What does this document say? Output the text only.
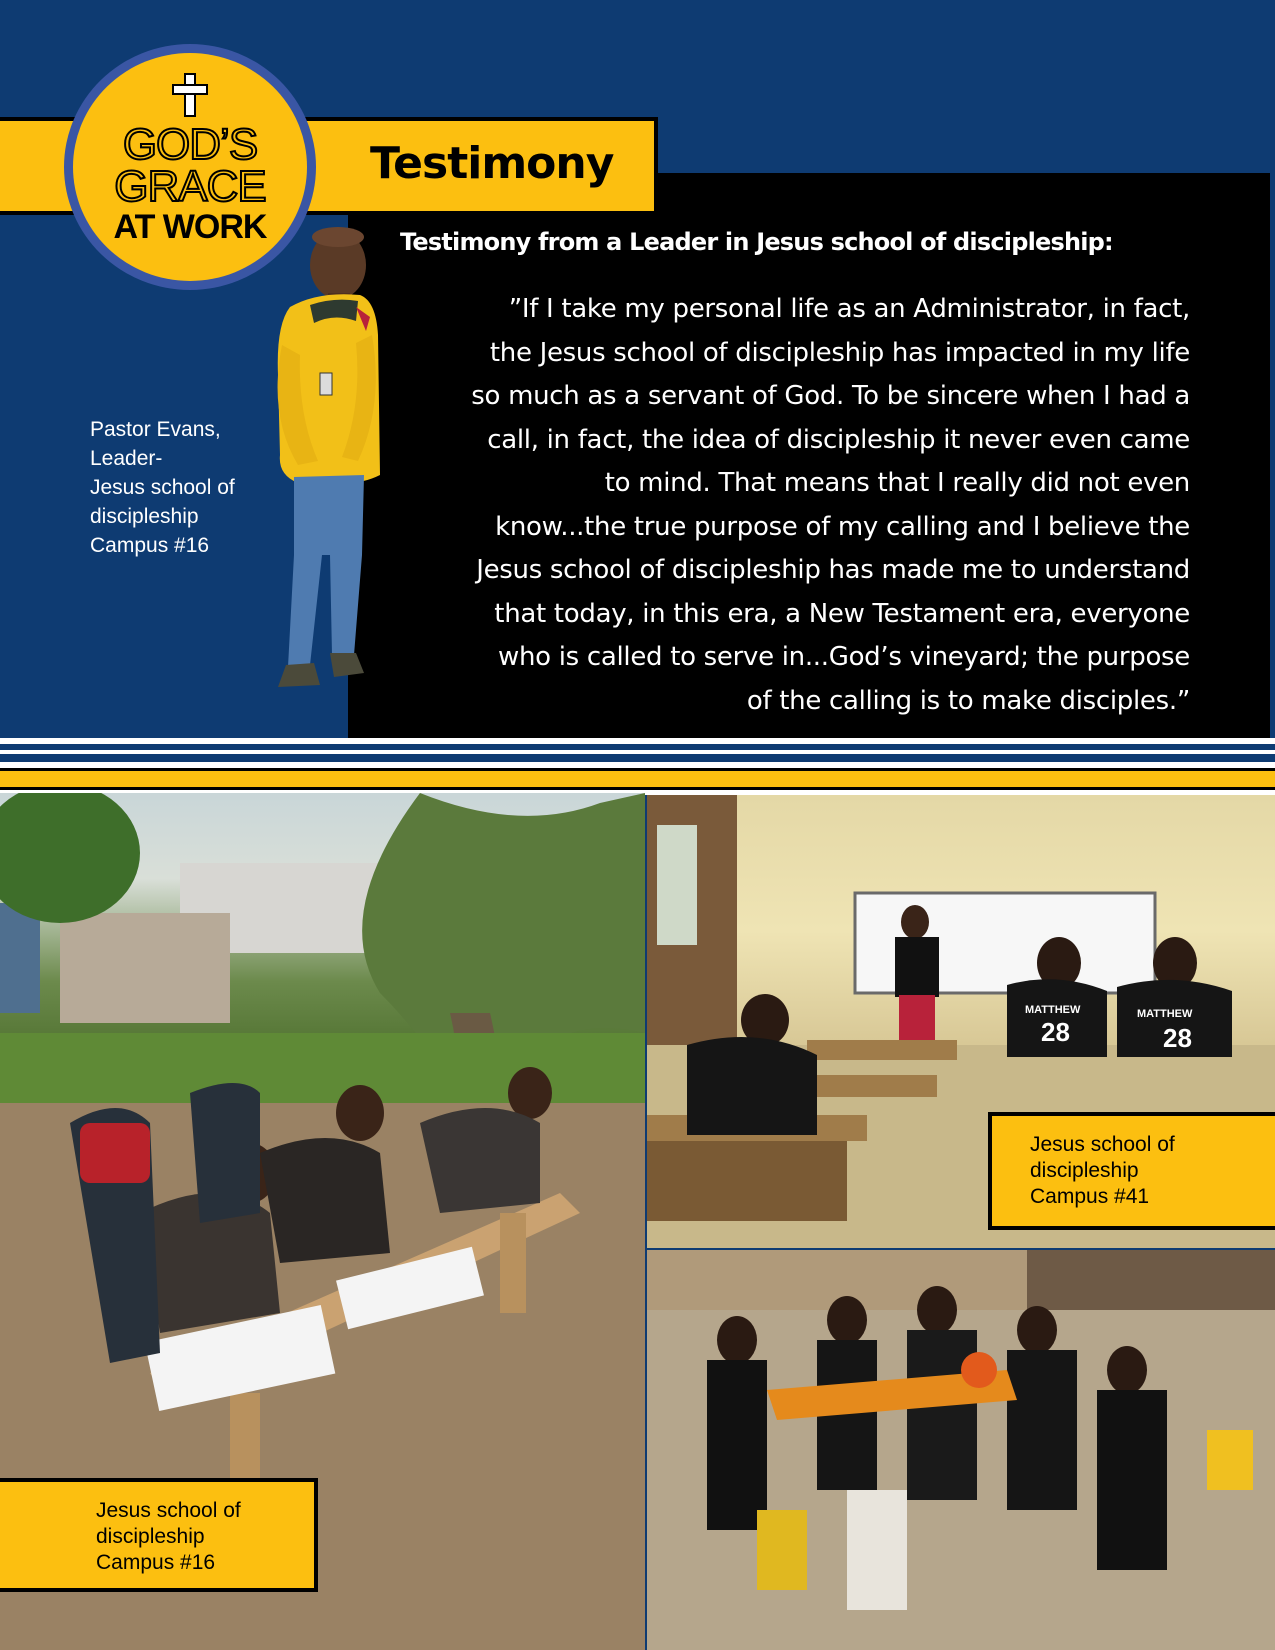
Testimony
GOD’S
GRACE
AT WORK	Testimony from a Leader in Jesus school of discipleship:
”If I take my personal life as an Administrator, in fact,
the Jesus school of discipleship has impacted in my life
so much as a servant of God. To be sincere when I had a
call, in fact, the idea of discipleship it never even came
to mind. That means that I really did not even
know...the true purpose of my calling and I believe the
Jesus school of discipleship has made me to understand
that today, in this era, a New Testament era, everyone
who is called to serve in...God’s vineyard; the purpose
of the calling is to make disciples.”
Pastor Evans,
Leader-
Jesus school of
discipleship
Campus #16
MATTHEW
28
MATTHEW
28
Jesus school of
discipleship
Campus #16
Jesus school of
discipleship
Campus #41
